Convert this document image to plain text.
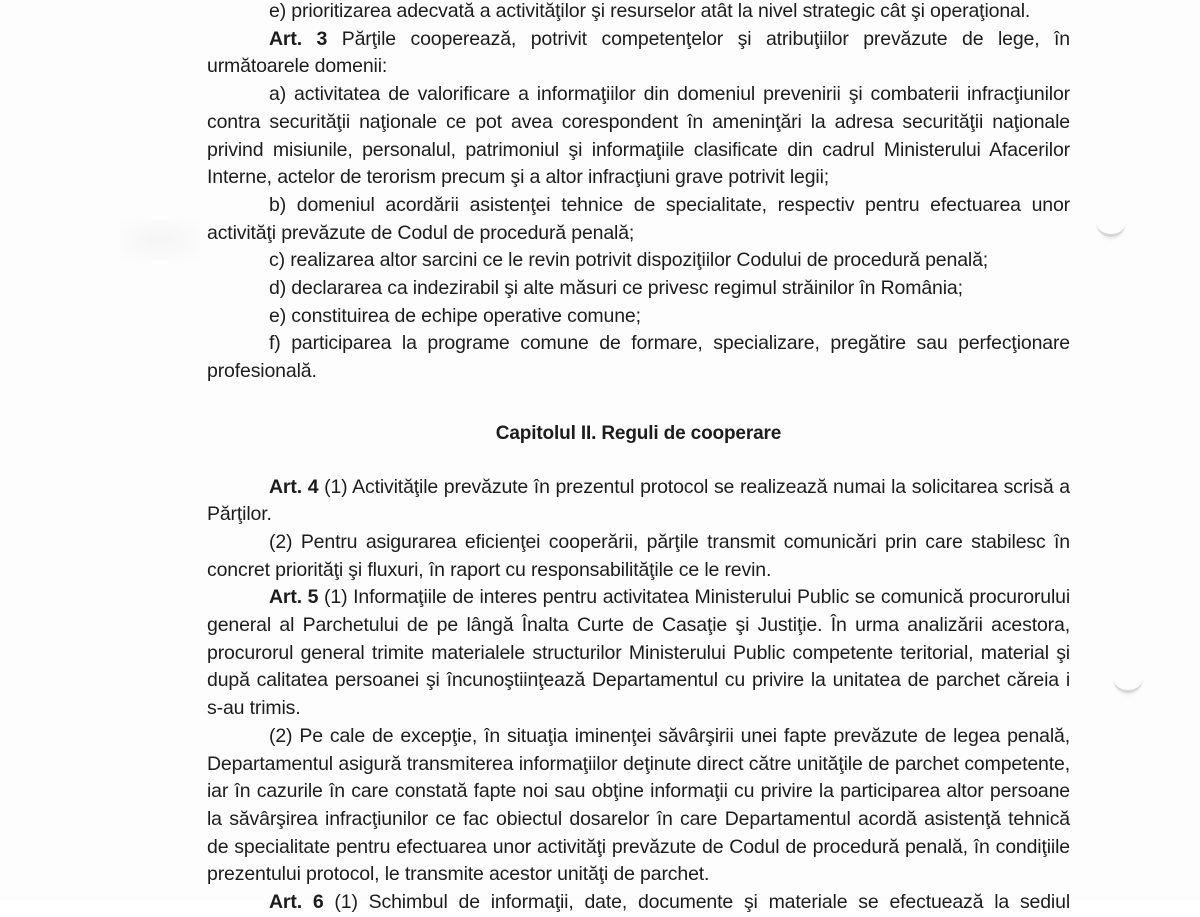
e) prioritizarea adecvată a activităţilor şi resurselor atât la nivel strategic cât şi operaţional.

Art. 3 Părţile cooperează, potrivit competenţelor şi atribuţiilor prevăzute de lege, în următoarele domenii:

a) activitatea de valorificare a informaţiilor din domeniul prevenirii şi combaterii infracţiunilor contra securităţii naţionale ce pot avea corespondent în ameninţări la adresa securităţii naţionale privind misiunile, personalul, patrimoniul şi informaţiile clasificate din cadrul Ministerului Afacerilor Interne, actelor de terorism precum şi a altor infracţiuni grave potrivit legii;

b) domeniul acordării asistenţei tehnice de specialitate, respectiv pentru efectuarea unor activităţi prevăzute de Codul de procedură penală;

c) realizarea altor sarcini ce le revin potrivit dispoziţiilor Codului de procedură penală;

d) declararea ca indezirabil şi alte măsuri ce privesc regimul străinilor în România;

e) constituirea de echipe operative comune;

f) participarea la programe comune de formare, specializare, pregătire sau perfecţionare profesională.

Capitolul II. Reguli de cooperare

Art. 4 (1) Activităţile prevăzute în prezentul protocol se realizează numai la solicitarea scrisă a Părţilor.

(2) Pentru asigurarea eficienţei cooperării, părţile transmit comunicări prin care stabilesc în concret priorităţi şi fluxuri, în raport cu responsabilităţile ce le revin.

Art. 5 (1) Informaţiile de interes pentru activitatea Ministerului Public se comunică procurorului general al Parchetului de pe lângă Înalta Curte de Casaţie şi Justiţie. În urma analizării acestora, procurorul general trimite materialele structurilor Ministerului Public competente teritorial, material şi după calitatea persoanei şi încunoştiinţează Departamentul cu privire la unitatea de parchet căreia i s-au trimis.

(2) Pe cale de excepţie, în situaţia iminenţei săvârşirii unei fapte prevăzute de legea penală, Departamentul asigură transmiterea informaţiilor deţinute direct către unităţile de parchet competente, iar în cazurile în care constată fapte noi sau obţine informaţii cu privire la participarea altor persoane la săvârşirea infracţiunilor ce fac obiectul dosarelor în care Departamentul acordă asistenţă tehnică de specialitate pentru efectuarea unor activităţi prevăzute de Codul de procedură penală, în condiţiile prezentului protocol, le transmite acestor unităţi de parchet.

Art. 6 (1) Schimbul de informaţii, date, documente şi materiale se efectuează la sediul
